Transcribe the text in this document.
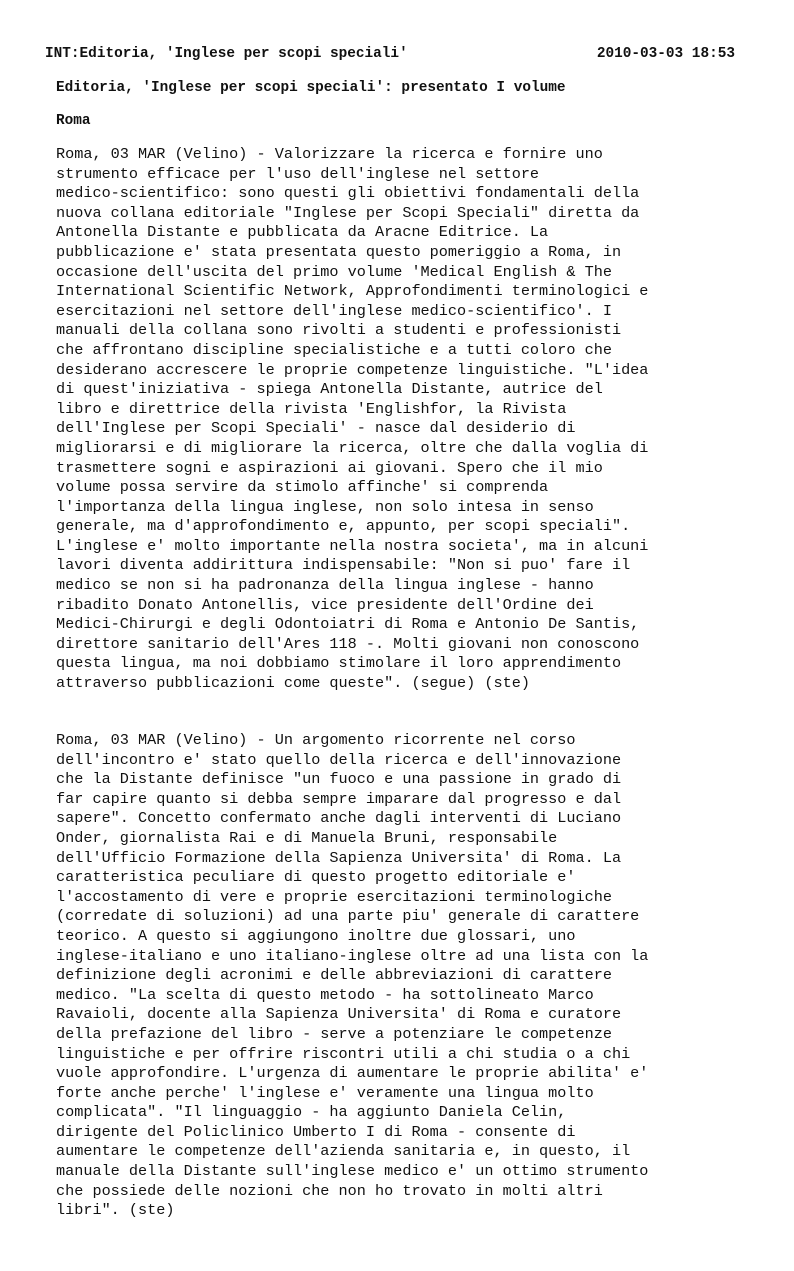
INT:Editoria, 'Inglese per scopi speciali'	2010-03-03 18:53
Editoria, 'Inglese per scopi speciali': presentato I volume
Roma
Roma, 03 MAR (Velino) - Valorizzare la ricerca e fornire uno
strumento efficace per l'uso dell'inglese nel settore
medico-scientifico: sono questi gli obiettivi fondamentali della
nuova collana editoriale "Inglese per Scopi Speciali" diretta da
Antonella Distante e pubblicata da Aracne Editrice. La
pubblicazione e' stata presentata questo pomeriggio a Roma, in
occasione dell'uscita del primo volume 'Medical English & The
International Scientific Network, Approfondimenti terminologici e
esercitazioni nel settore dell'inglese medico-scientifico'. I
manuali della collana sono rivolti a studenti e professionisti
che affrontano discipline specialistiche e a tutti coloro che
desiderano accrescere le proprie competenze linguistiche. "L'idea
di quest'iniziativa - spiega Antonella Distante, autrice del
libro e direttrice della rivista 'Englishfor, la Rivista
dell'Inglese per Scopi Speciali' - nasce dal desiderio di
migliorarsi e di migliorare la ricerca, oltre che dalla voglia di
trasmettere sogni e aspirazioni ai giovani. Spero che il mio
volume possa servire da stimolo affinche' si comprenda
l'importanza della lingua inglese, non solo intesa in senso
generale, ma d'approfondimento e, appunto, per scopi speciali".
L'inglese e' molto importante nella nostra societa', ma in alcuni
lavori diventa addirittura indispensabile: "Non si puo' fare il
medico se non si ha padronanza della lingua inglese - hanno
ribadito Donato Antonellis, vice presidente dell'Ordine dei
Medici-Chirurgi e degli Odontoiatri di Roma e Antonio De Santis,
direttore sanitario dell'Ares 118 -. Molti giovani non conoscono
questa lingua, ma noi dobbiamo stimolare il loro apprendimento
attraverso pubblicazioni come queste". (segue) (ste)
Roma, 03 MAR (Velino) - Un argomento ricorrente nel corso
dell'incontro e' stato quello della ricerca e dell'innovazione
che la Distante definisce "un fuoco e una passione in grado di
far capire quanto si debba sempre imparare dal progresso e dal
sapere". Concetto confermato anche dagli interventi di Luciano
Onder, giornalista Rai e di Manuela Bruni, responsabile
dell'Ufficio Formazione della Sapienza Universita' di Roma. La
caratteristica peculiare di questo progetto editoriale e'
l'accostamento di vere e proprie esercitazioni terminologiche
(corredate di soluzioni) ad una parte piu' generale di carattere
teorico. A questo si aggiungono inoltre due glossari, uno
inglese-italiano e uno italiano-inglese oltre ad una lista con la
definizione degli acronimi e delle abbreviazioni di carattere
medico. "La scelta di questo metodo - ha sottolineato Marco
Ravaioli, docente alla Sapienza Universita' di Roma e curatore
della prefazione del libro - serve a potenziare le competenze
linguistiche e per offrire riscontri utili a chi studia o a chi
vuole approfondire. L'urgenza di aumentare le proprie abilita' e'
forte anche perche' l'inglese e' veramente una lingua molto
complicata". "Il linguaggio - ha aggiunto Daniela Celin,
dirigente del Policlinico Umberto I di Roma - consente di
aumentare le competenze dell'azienda sanitaria e, in questo, il
manuale della Distante sull'inglese medico e' un ottimo strumento
che possiede delle nozioni che non ho trovato in molti altri
libri". (ste)
